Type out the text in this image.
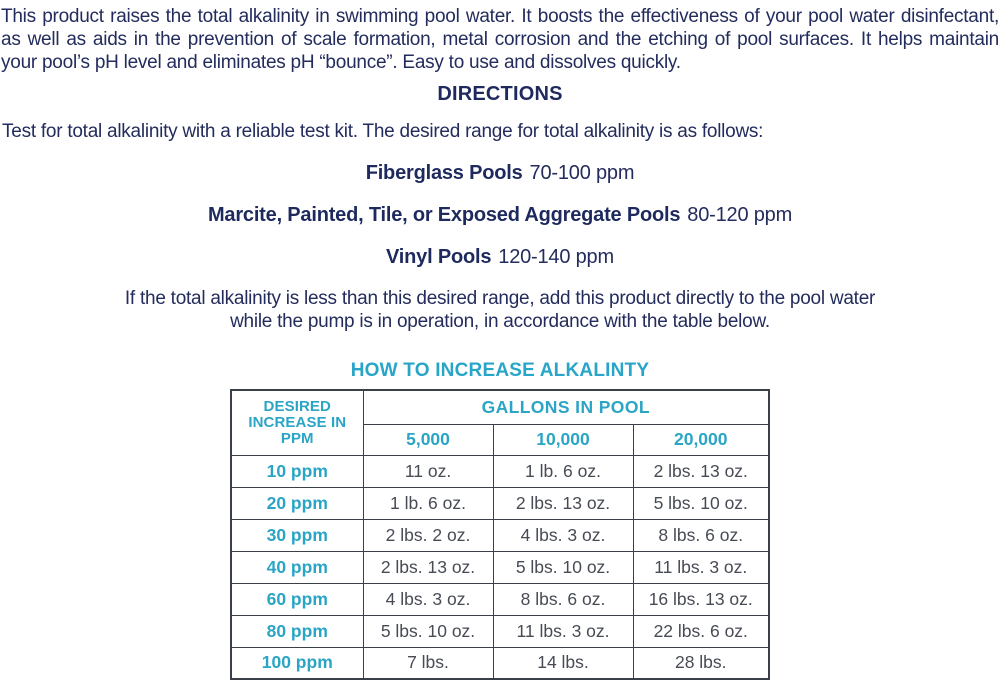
This product raises the total alkalinity in swimming pool water. It boosts the effectiveness of your pool water disinfectant, as well as aids in the prevention of scale formation, metal corrosion and the etching of pool surfaces. It helps maintain your pool’s pH level and eliminates pH “bounce”. Easy to use and dissolves quickly.

DIRECTIONS

Test for total alkalinity with a reliable test kit. The desired range for total alkalinity is as follows:

Fiberglass Pools 70-100 ppm
Marcite, Painted, Tile, or Exposed Aggregate Pools 80-120 ppm
Vinyl Pools 120-140 ppm

If the total alkalinity is less than this desired range, add this product directly to the pool water while the pump is in operation, in accordance with the table below.

HOW TO INCREASE ALKALINTY
DESIRED INCREASE IN PPM	GALLONS IN POOL		
	5,000	10,000	20,000
10 ppm	11 oz.	1 lb. 6 oz.	2 lbs. 13 oz.
20 ppm	1 lb. 6 oz.	2 lbs. 13 oz.	5 lbs. 10 oz.
30 ppm	2 lbs. 2 oz.	4 lbs. 3 oz.	8 lbs. 6 oz.
40 ppm	2 lbs. 13 oz.	5 lbs. 10 oz.	11 lbs. 3 oz.
60 ppm	4 lbs. 3 oz.	8 lbs. 6 oz.	16 lbs. 13 oz.
80 ppm	5 lbs. 10 oz.	11 lbs. 3 oz.	22 lbs. 6 oz.
100 ppm	7 lbs.	14 lbs.	28 lbs.
